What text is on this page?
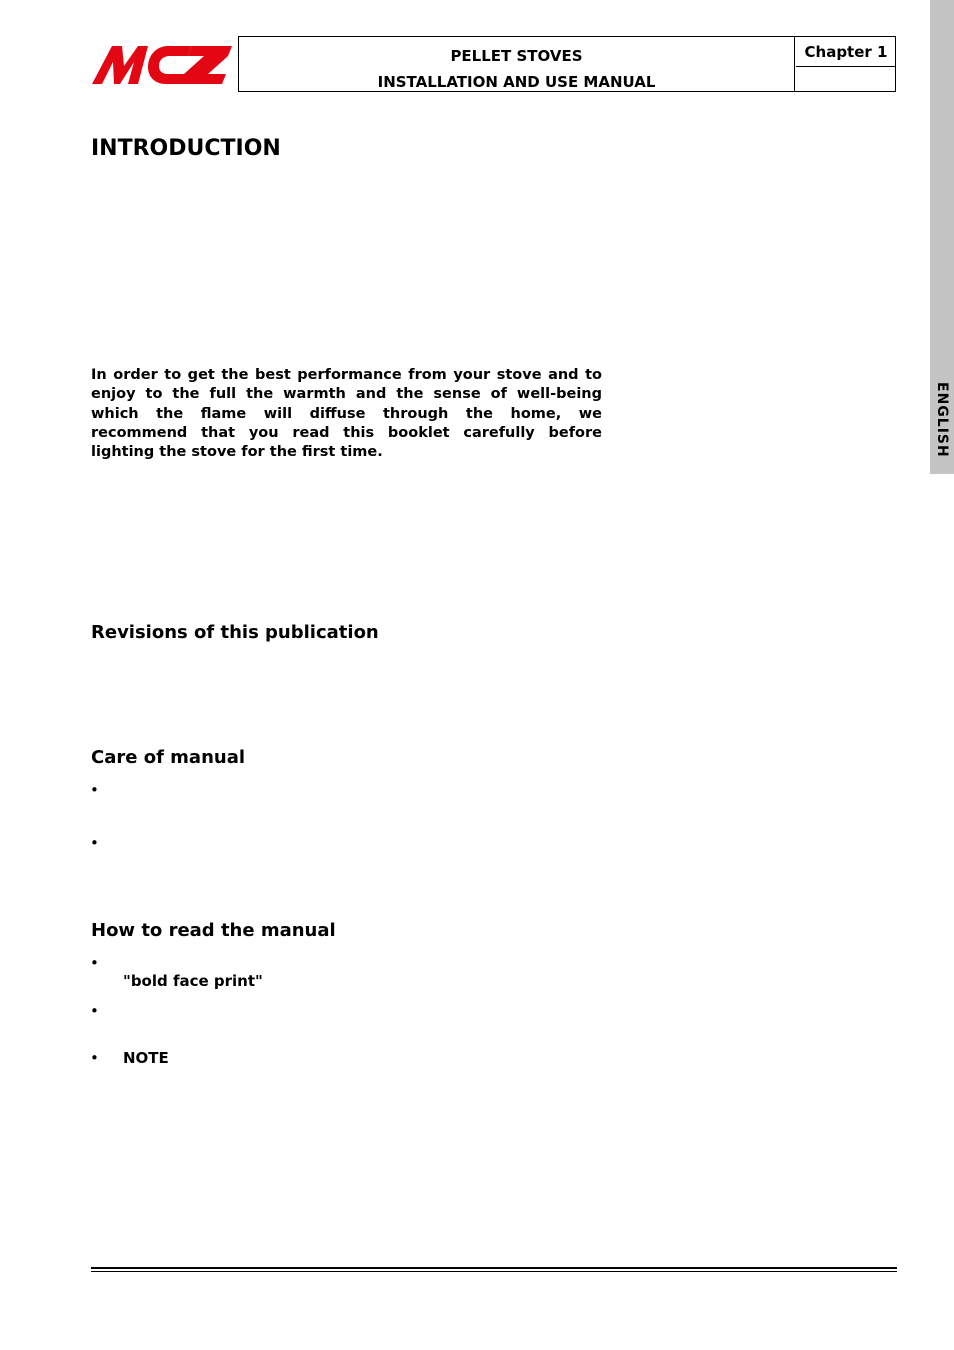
PELLET STOVES
INSTALLATION AND USE MANUAL
Chapter 1
ENGLISH
INTRODUCTION

In order to get the best performance from your stove and to enjoy to the full the warmth and the sense of well-being which the flame will diffuse through the home, we recommend that you read this booklet carefully before lighting the stove for the first time.

Revisions of this publication
Care of manual
•
•
How to read the manual
•
"bold face print"
•
• NOTE
